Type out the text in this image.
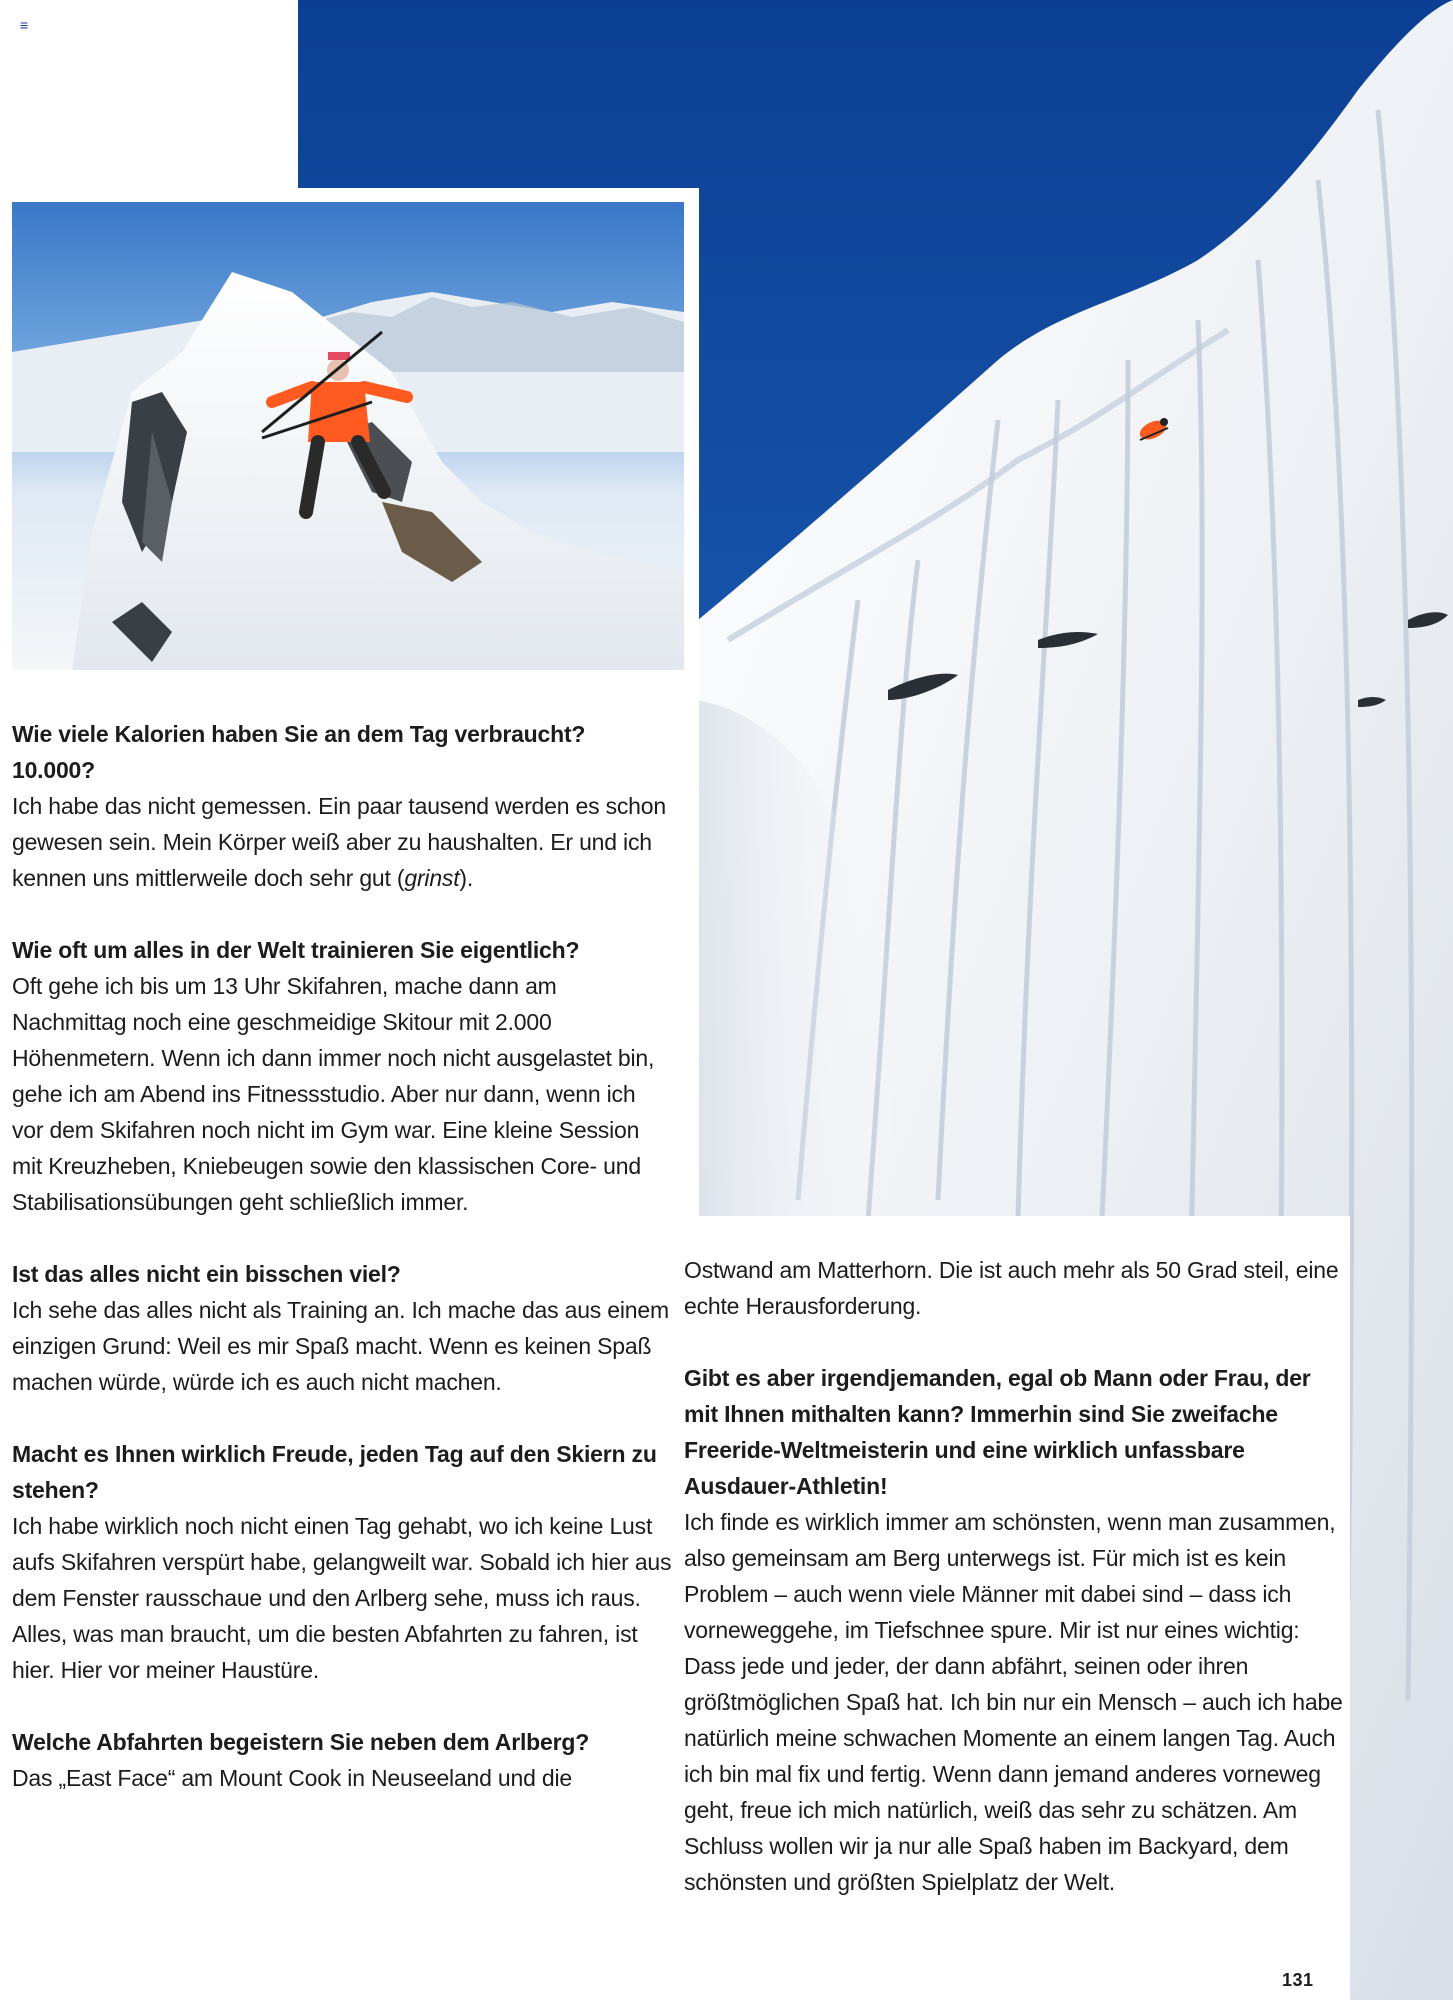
≡
Wie viele Kalorien haben Sie an dem Tag verbraucht? 10.000?
Ich habe das nicht gemessen. Ein paar tausend werden es schon gewesen sein. Mein Körper weiß aber zu haushalten. Er und ich kennen uns mittlerweile doch sehr gut (grinst).
Wie oft um alles in der Welt trainieren Sie eigentlich?
Oft gehe ich bis um 13 Uhr Skifahren, mache dann am Nachmittag noch eine geschmeidige Skitour mit 2.000 Höhenmetern. Wenn ich dann immer noch nicht ausgelastet bin, gehe ich am Abend ins Fitnessstudio. Aber nur dann, wenn ich vor dem Skifahren noch nicht im Gym war. Eine kleine Session mit Kreuzheben, Kniebeugen sowie den klassischen Core- und Stabilisationsübungen geht schließlich immer.
Ist das alles nicht ein bisschen viel?
Ich sehe das alles nicht als Training an. Ich mache das aus einem einzigen Grund: Weil es mir Spaß macht. Wenn es keinen Spaß machen würde, würde ich es auch nicht machen.
Macht es Ihnen wirklich Freude, jeden Tag auf den Skiern zu stehen?
Ich habe wirklich noch nicht einen Tag gehabt, wo ich keine Lust aufs Skifahren verspürt habe, gelangweilt war. Sobald ich hier aus dem Fenster rausschaue und den Arlberg sehe, muss ich raus. Alles, was man braucht, um die besten Abfahrten zu fahren, ist hier. Hier vor meiner Haustüre.
Welche Abfahrten begeistern Sie neben dem Arlberg?
Das „East Face“ am Mount Cook in Neuseeland und die
Ostwand am Matterhorn. Die ist auch mehr als 50 Grad steil, eine echte Herausforderung.
Gibt es aber irgendjemanden, egal ob Mann oder Frau, der mit Ihnen mithalten kann? Immerhin sind Sie zweifache Freeride-Weltmeisterin und eine wirklich unfassbare Ausdauer-Athletin!
Ich finde es wirklich immer am schönsten, wenn man zusammen, also gemeinsam am Berg unterwegs ist. Für mich ist es kein Problem – auch wenn viele Männer mit dabei sind – dass ich vorneweggehe, im Tiefschnee spure. Mir ist nur eines wichtig: Dass jede und jeder, der dann abfährt, seinen oder ihren größtmöglichen Spaß hat. Ich bin nur ein Mensch – auch ich habe natürlich meine schwachen Momente an einem langen Tag. Auch ich bin mal fix und fertig. Wenn dann jemand anderes vorneweg geht, freue ich mich natürlich, weiß das sehr zu schätzen. Am Schluss wollen wir ja nur alle Spaß haben im Backyard, dem schönsten und größten Spielplatz der Welt.
131
